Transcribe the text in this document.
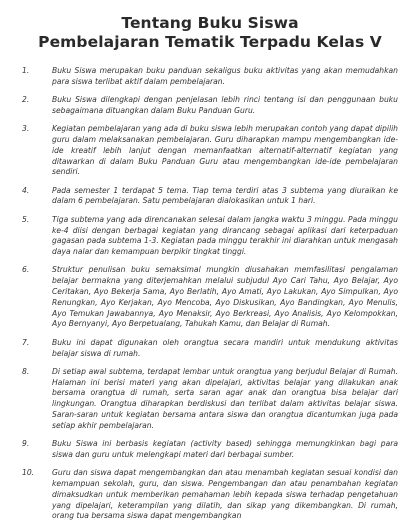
Tentang Buku Siswa
Pembelajaran Tematik Terpadu Kelas V
1.	Buku Siswa merupakan buku panduan sekaligus buku aktivitas yang akan memudahkan para siswa terlibat aktif dalam pembelajaran.
2.	Buku Siswa dilengkapi dengan penjelasan lebih rinci tentang isi dan penggunaan buku sebagaimana dituangkan dalam Buku Panduan Guru.
3.	Kegiatan pembelajaran yang ada di buku siswa lebih merupakan contoh yang dapat dipilih guru dalam melaksanakan pembelajaran. Guru diharapkan mampu mengembangkan ide-ide kreatif lebih lanjut dengan memanfaatkan alternatif-alternatif kegiatan yang ditawarkan di dalam Buku Panduan Guru atau mengembangkan ide-ide pembelajaran sendiri.
4.	Pada semester 1 terdapat 5 tema. Tiap tema terdiri atas 3 subtema yang diuraikan ke dalam 6 pembelajaran. Satu pembelajaran dialokasikan untuk 1 hari.
5.	Tiga subtema yang ada direncanakan selesai dalam jangka waktu 3 minggu. Pada minggu ke-4 diisi dengan berbagai kegiatan yang dirancang sebagai aplikasi dari keterpaduan gagasan pada subtema 1-3. Kegiatan pada minggu terakhir ini diarahkan untuk mengasah daya nalar dan kemampuan berpikir tingkat tinggi.
6.	Struktur penulisan buku semaksimal mungkin diusahakan memfasilitasi pengalaman belajar bermakna yang diterjemahkan melalui subjudul Ayo Cari Tahu, Ayo Belajar, Ayo Ceritakan, Ayo Bekerja Sama, Ayo Berlatih, Ayo Amati, Ayo Lakukan, Ayo Simpulkan, Ayo Renungkan, Ayo Kerjakan, Ayo Mencoba, Ayo Diskusikan, Ayo Bandingkan, Ayo Menulis, Ayo Temukan Jawabannya, Ayo Menaksir, Ayo Berkreasi, Ayo Analisis, Ayo Kelompokkan, Ayo Bernyanyi, Ayo Berpetualang, Tahukah Kamu, dan Belajar di Rumah.
7.	Buku ini dapat digunakan oleh orangtua secara mandiri untuk mendukung aktivitas belajar siswa di rumah.
8.	Di setiap awal subtema, terdapat lembar untuk orangtua yang berjudul Belajar di Rumah. Halaman ini berisi materi yang akan dipelajari, aktivitas belajar yang dilakukan anak bersama orangtua di rumah, serta saran agar anak dan orangtua bisa belajar dari lingkungan. Orangtua diharapkan berdiskusi dan terlibat dalam aktivitas belajar siswa. Saran-saran untuk kegiatan bersama antara siswa dan orangtua dicantumkan juga pada setiap akhir pembelajaran.
9.	Buku Siswa ini berbasis kegiatan (activity based) sehingga memungkinkan bagi para siswa dan guru untuk melengkapi materi dari berbagai sumber.
10.	Guru dan siswa dapat mengembangkan dan atau menambah kegiatan sesuai kondisi dan kemampuan sekolah, guru, dan siswa. Pengembangan dan atau penambahan kegiatan dimaksudkan untuk memberikan pemahaman lebih kepada siswa terhadap pengetahuan yang dipelajari, keterampilan yang dilatih, dan sikap yang dikembangkan. Di rumah, orang tua bersama siswa dapat mengembangkan
